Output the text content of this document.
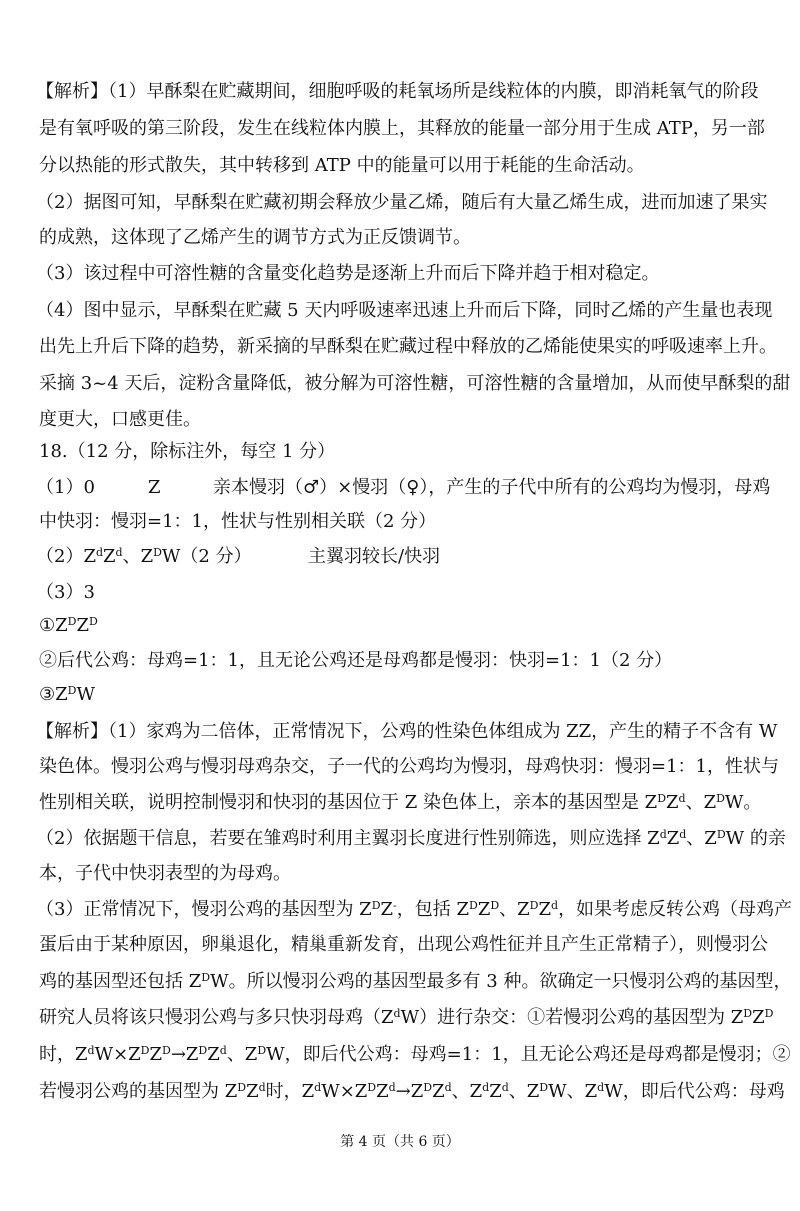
【解析】（1）早酥梨在贮藏期间，细胞呼吸的耗氧场所是线粒体的内膜，即消耗氧气的阶段
是有氧呼吸的第三阶段，发生在线粒体内膜上，其释放的能量一部分用于生成 ATP，另一部
分以热能的形式散失，其中转移到 ATP 中的能量可以用于耗能的生命活动。
（2）据图可知，早酥梨在贮藏初期会释放少量乙烯，随后有大量乙烯生成，进而加速了果实
的成熟，这体现了乙烯产生的调节方式为正反馈调节。
（3）该过程中可溶性糖的含量变化趋势是逐渐上升而后下降并趋于相对稳定。
（4）图中显示，早酥梨在贮藏 5 天内呼吸速率迅速上升而后下降，同时乙烯的产生量也表现
出先上升后下降的趋势，新采摘的早酥梨在贮藏过程中释放的乙烯能使果实的呼吸速率上升。
采摘 3~4 天后，淀粉含量降低，被分解为可溶性糖，可溶性糖的含量增加，从而使早酥梨的甜
度更大，口感更佳。
18.（12 分，除标注外，每空 1 分）
（1）0	Z	亲本慢羽（♂）×慢羽（♀），产生的子代中所有的公鸡均为慢羽，母鸡
中快羽：慢羽=1：1，性状与性别相关联（2 分）
$(2)Z^dZ^d$、$Z^DW(2$ 分）	主翼羽较长/快羽
（3）3
$①Z^DZ^D$
②后代公鸡：母鸡=1：1，且无论公鸡还是母鸡都是慢羽：快羽=1：1（2 分）
$③Z^DW$
【解析】（1）家鸡为二倍体，正常情况下，公鸡的性染色体组成为 ZZ，产生的精子不含有 W
染色体。慢羽公鸡与慢羽母鸡杂交，子一代的公鸡均为慢羽，母鸡快羽：慢羽=1：1，性状与
性别相关联，说明控制慢羽和快羽的基因位于 Z 染色体上，亲本的基因型是 $Z^DZ^d$、$Z^DW$。
（2）依据题干信息，若要在雏鸡时利用主翼羽长度进行性别筛选，则应选择 $Z^dZ^d$、$Z^DW$ 的亲
本，子代中快羽表型的为母鸡。
（3）正常情况下，慢羽公鸡的基因型为 $Z^DZ^-$，包括 $Z^DZ^D$、$Z^DZ^d$，如果考虑反转公鸡（母鸡产
蛋后由于某种原因，卵巢退化，精巢重新发育，出现公鸡性征并且产生正常精子），则慢羽公
鸡的基因型还包括 $Z^DW$。所以慢羽公鸡的基因型最多有 3 种。欲确定一只慢羽公鸡的基因型，
研究人员将该只慢羽公鸡与多只快羽母鸡$(Z^dW)$进行杂交：①若慢羽公鸡的基因型为 $Z^DZ^D$
时，$Z^dW\times Z^DZ^D\to Z^DZ^d$、$Z^DW$，即后代公鸡：母鸡=1：1，且无论公鸡还是母鸡都是慢羽；②
若慢羽公鸡的基因型为 $Z^DZ^d$时，$Z^dW\times Z^DZ^d\to Z^DZ^d$、$Z^dZ^d$、$Z^DW$、$Z^dW$，即后代公鸡：母鸡
第 4 页（共 6 页）
